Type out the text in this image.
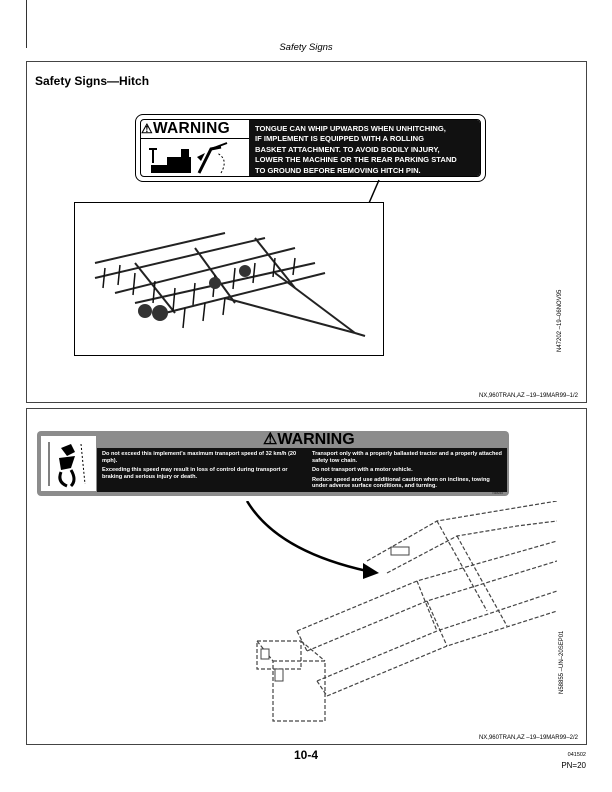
Safety Signs
Safety Signs—Hitch
⚠WARNING	TONGUE CAN WHIP UPWARDS WHEN UNHITCHING,
IF IMPLEMENT IS EQUIPPED WITH A ROLLING
BASKET ATTACHMENT. TO AVOID BODILY INJURY,
LOWER THE MACHINE OR THE REAR PARKING STAND
TO GROUND BEFORE REMOVING HITCH PIN.
N47202 –19–06NOV95
NX,960TRAN,AZ –19–19MAR99–1/2
⚠WARNING

Do not exceed this implement's maximum transport speed of 32 km/h (20 mph).

Exceeding this speed may result in loss of control during transport or braking and serious injury or death.

Transport only with a properly ballasted tractor and a properly attached safety tow chain.

Do not transport with a motor vehicle.

Reduce speed and use additional caution when on inclines, towing under adverse surface conditions, and turning.

N38240
N58855 –UN–20SEP01
NX,960TRAN,AZ –19–19MAR99–2/2
10-4	041502
PN=20
